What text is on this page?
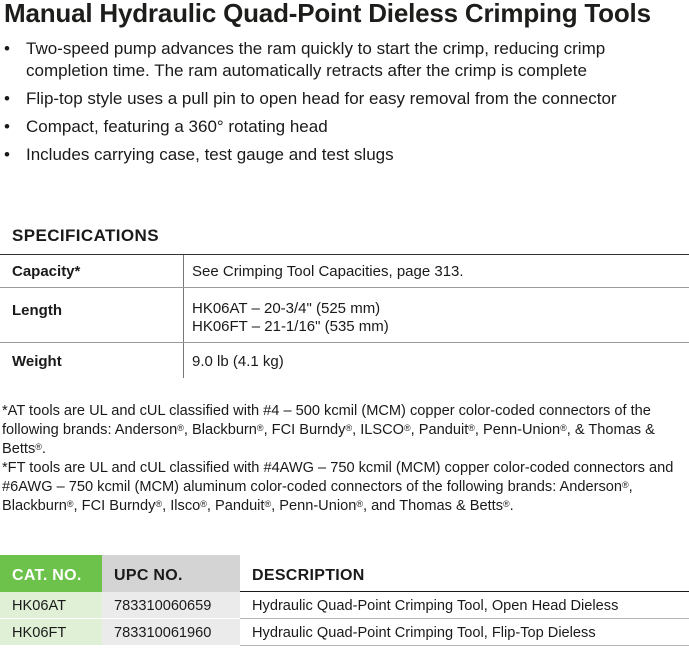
Manual Hydraulic Quad-Point Dieless Crimping Tools
• Two-speed pump advances the ram quickly to start the crimp, reducing crimp completion time. The ram automatically retracts after the crimp is complete
• Flip-top style uses a pull pin to open head for easy removal from the connector
• Compact, featuring a 360° rotating head
• Includes carrying case, test gauge and test slugs
SPECIFICATIONS
Capacity*	See Crimping Tool Capacities, page 313.
Length	HK06AT – 20-3/4" (525 mm)
HK06FT – 21-1/16" (535 mm)
Weight	9.0 lb (4.1 kg)

*AT tools are UL and cUL classified with #4 – 500 kcmil (MCM) copper color-coded connectors of the following brands: Anderson®, Blackburn®, FCI Burndy®, ILSCO®, Panduit®, Penn-Union®, & Thomas & Betts®.

*FT tools are UL and cUL classified with #4AWG – 750 kcmil (MCM) copper color-coded connectors and #6AWG – 750 kcmil (MCM) aluminum color-coded connectors of the following brands: Anderson®, Blackburn®, FCI Burndy®, Ilsco®, Panduit®, Penn-Union®, and Thomas & Betts®.

CAT. NO.	UPC NO.	DESCRIPTION
HK06AT	783310060659	Hydraulic Quad-Point Crimping Tool, Open Head Dieless
HK06FT	783310061960	Hydraulic Quad-Point Crimping Tool, Flip-Top Dieless
